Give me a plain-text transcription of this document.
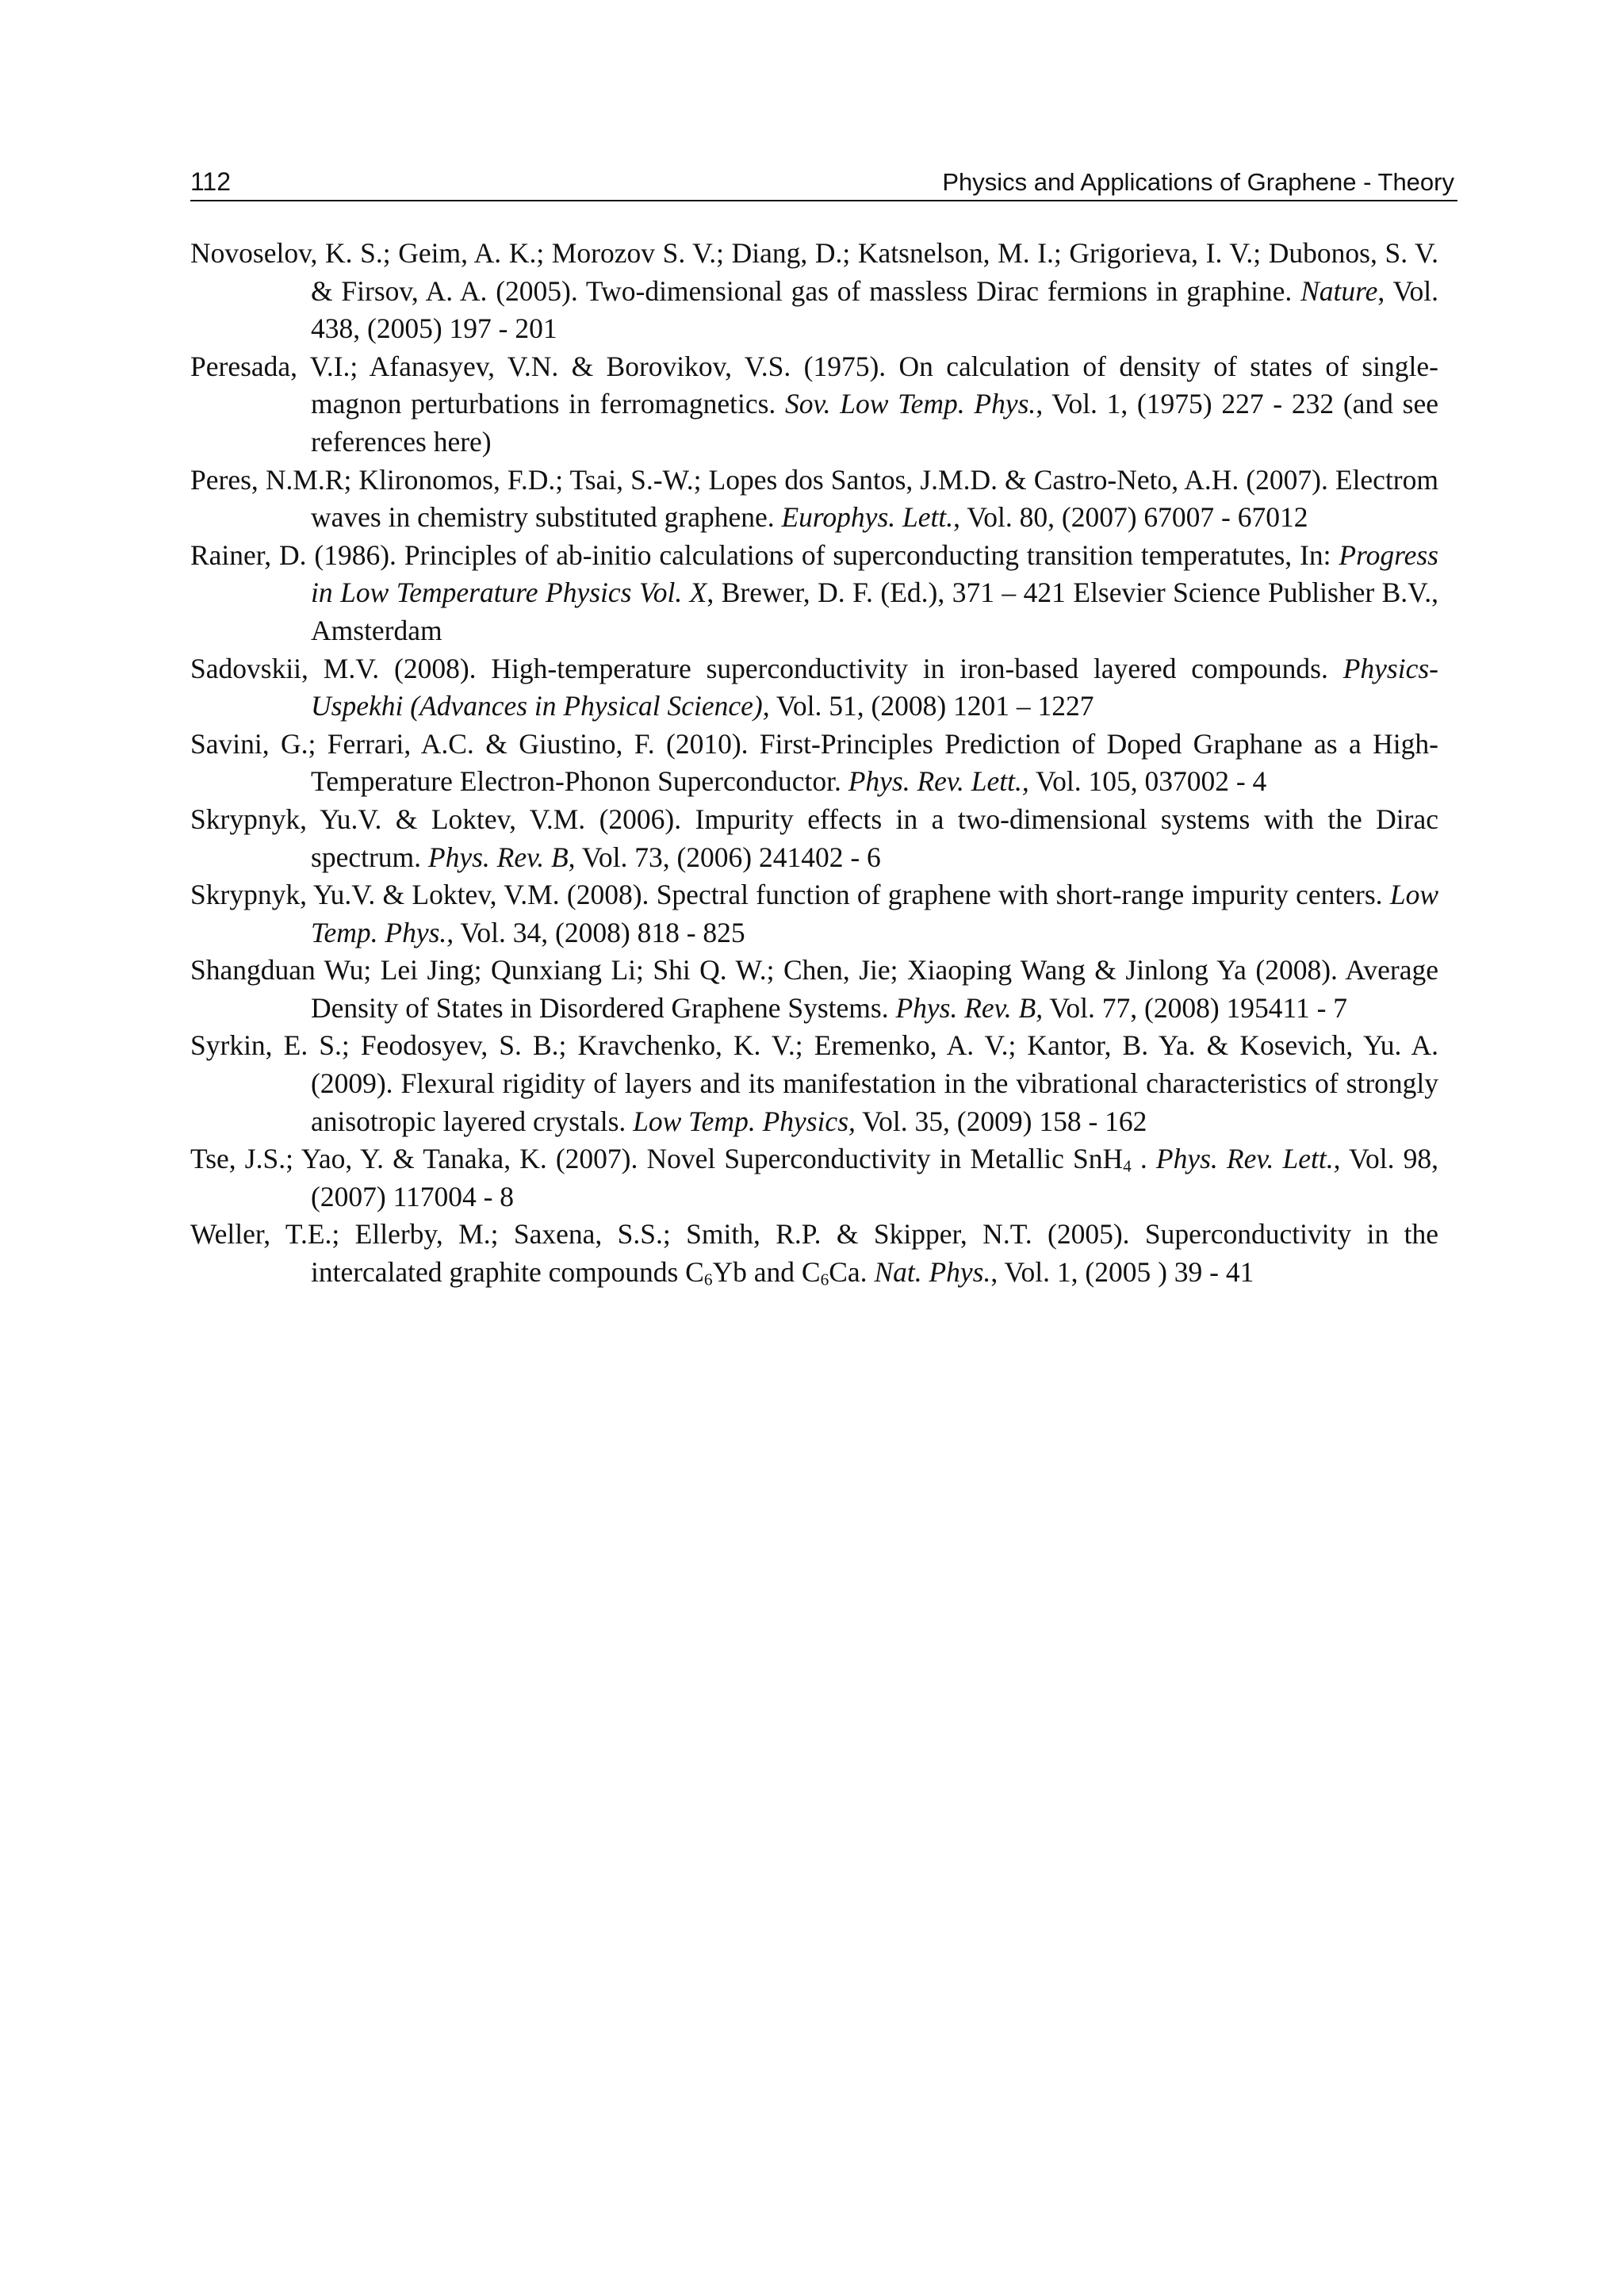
112	Physics and Applications of Graphene - Theory

Novoselov, K. S.; Geim, A. K.; Morozov S. V.; Diang, D.; Katsnelson, M. I.; Grigorieva, I. V.; Dubonos, S. V. & Firsov, A. A. (2005). Two-dimensional gas of massless Dirac fermions in graphine. Nature, Vol. 438, (2005) 197 - 201

Peresada, V.I.; Afanasyev, V.N. & Borovikov, V.S. (1975). On calculation of density of states of single-magnon perturbations in ferromagnetics. Sov. Low Temp. Phys., Vol. 1, (1975) 227 - 232 (and see references here)

Peres, N.M.R; Klironomos, F.D.; Tsai, S.-W.; Lopes dos Santos, J.M.D. & Castro-Neto, A.H. (2007). Electrom waves in chemistry substituted graphene. Europhys. Lett., Vol. 80, (2007) 67007 - 67012

Rainer, D. (1986). Principles of ab-initio calculations of superconducting transition temperatutes, In: Progress in Low Temperature Physics Vol. X, Brewer, D. F. (Ed.), 371 – 421 Elsevier Science Publisher B.V., Amsterdam

Sadovskii, M.V. (2008). High-temperature superconductivity in iron-based layered compounds. Physics-Uspekhi (Advances in Physical Science), Vol. 51, (2008) 1201 – 1227

Savini, G.; Ferrari, A.C. & Giustino, F. (2010). First-Principles Prediction of Doped Graphane as a High-Temperature Electron-Phonon Superconductor. Phys. Rev. Lett., Vol. 105, 037002 - 4

Skrypnyk, Yu.V. & Loktev, V.M. (2006). Impurity effects in a two-dimensional systems with the Dirac spectrum. Phys. Rev. B, Vol. 73, (2006) 241402 - 6

Skrypnyk, Yu.V. & Loktev, V.M. (2008). Spectral function of graphene with short-range impurity centers. Low Temp. Phys., Vol. 34, (2008) 818 - 825

Shangduan Wu; Lei Jing; Qunxiang Li; Shi Q. W.; Chen, Jie; Xiaoping Wang & Jinlong Ya (2008). Average Density of States in Disordered Graphene Systems. Phys. Rev. B, Vol. 77, (2008) 195411 - 7

Syrkin, E. S.; Feodosyev, S. B.; Kravchenko, K. V.; Eremenko, A. V.; Kantor, B. Ya. & Kosevich, Yu. A. (2009). Flexural rigidity of layers and its manifestation in the vibrational characteristics of strongly anisotropic layered crystals. Low Temp. Physics, Vol. 35, (2009) 158 - 162

Tse, J.S.; Yao, Y. & Tanaka, K. (2007). Novel Superconductivity in Metallic SnH$_4$ . Phys. Rev. Lett., Vol. 98, (2007) 117004 - 8

Weller, T.E.; Ellerby, M.; Saxena, S.S.; Smith, R.P. & Skipper, N.T. (2005). Superconductivity in the intercalated graphite compounds $C_6Yb$ and $C_6Ca$. Nat. Phys., Vol. 1, (2005 ) 39 - 41
